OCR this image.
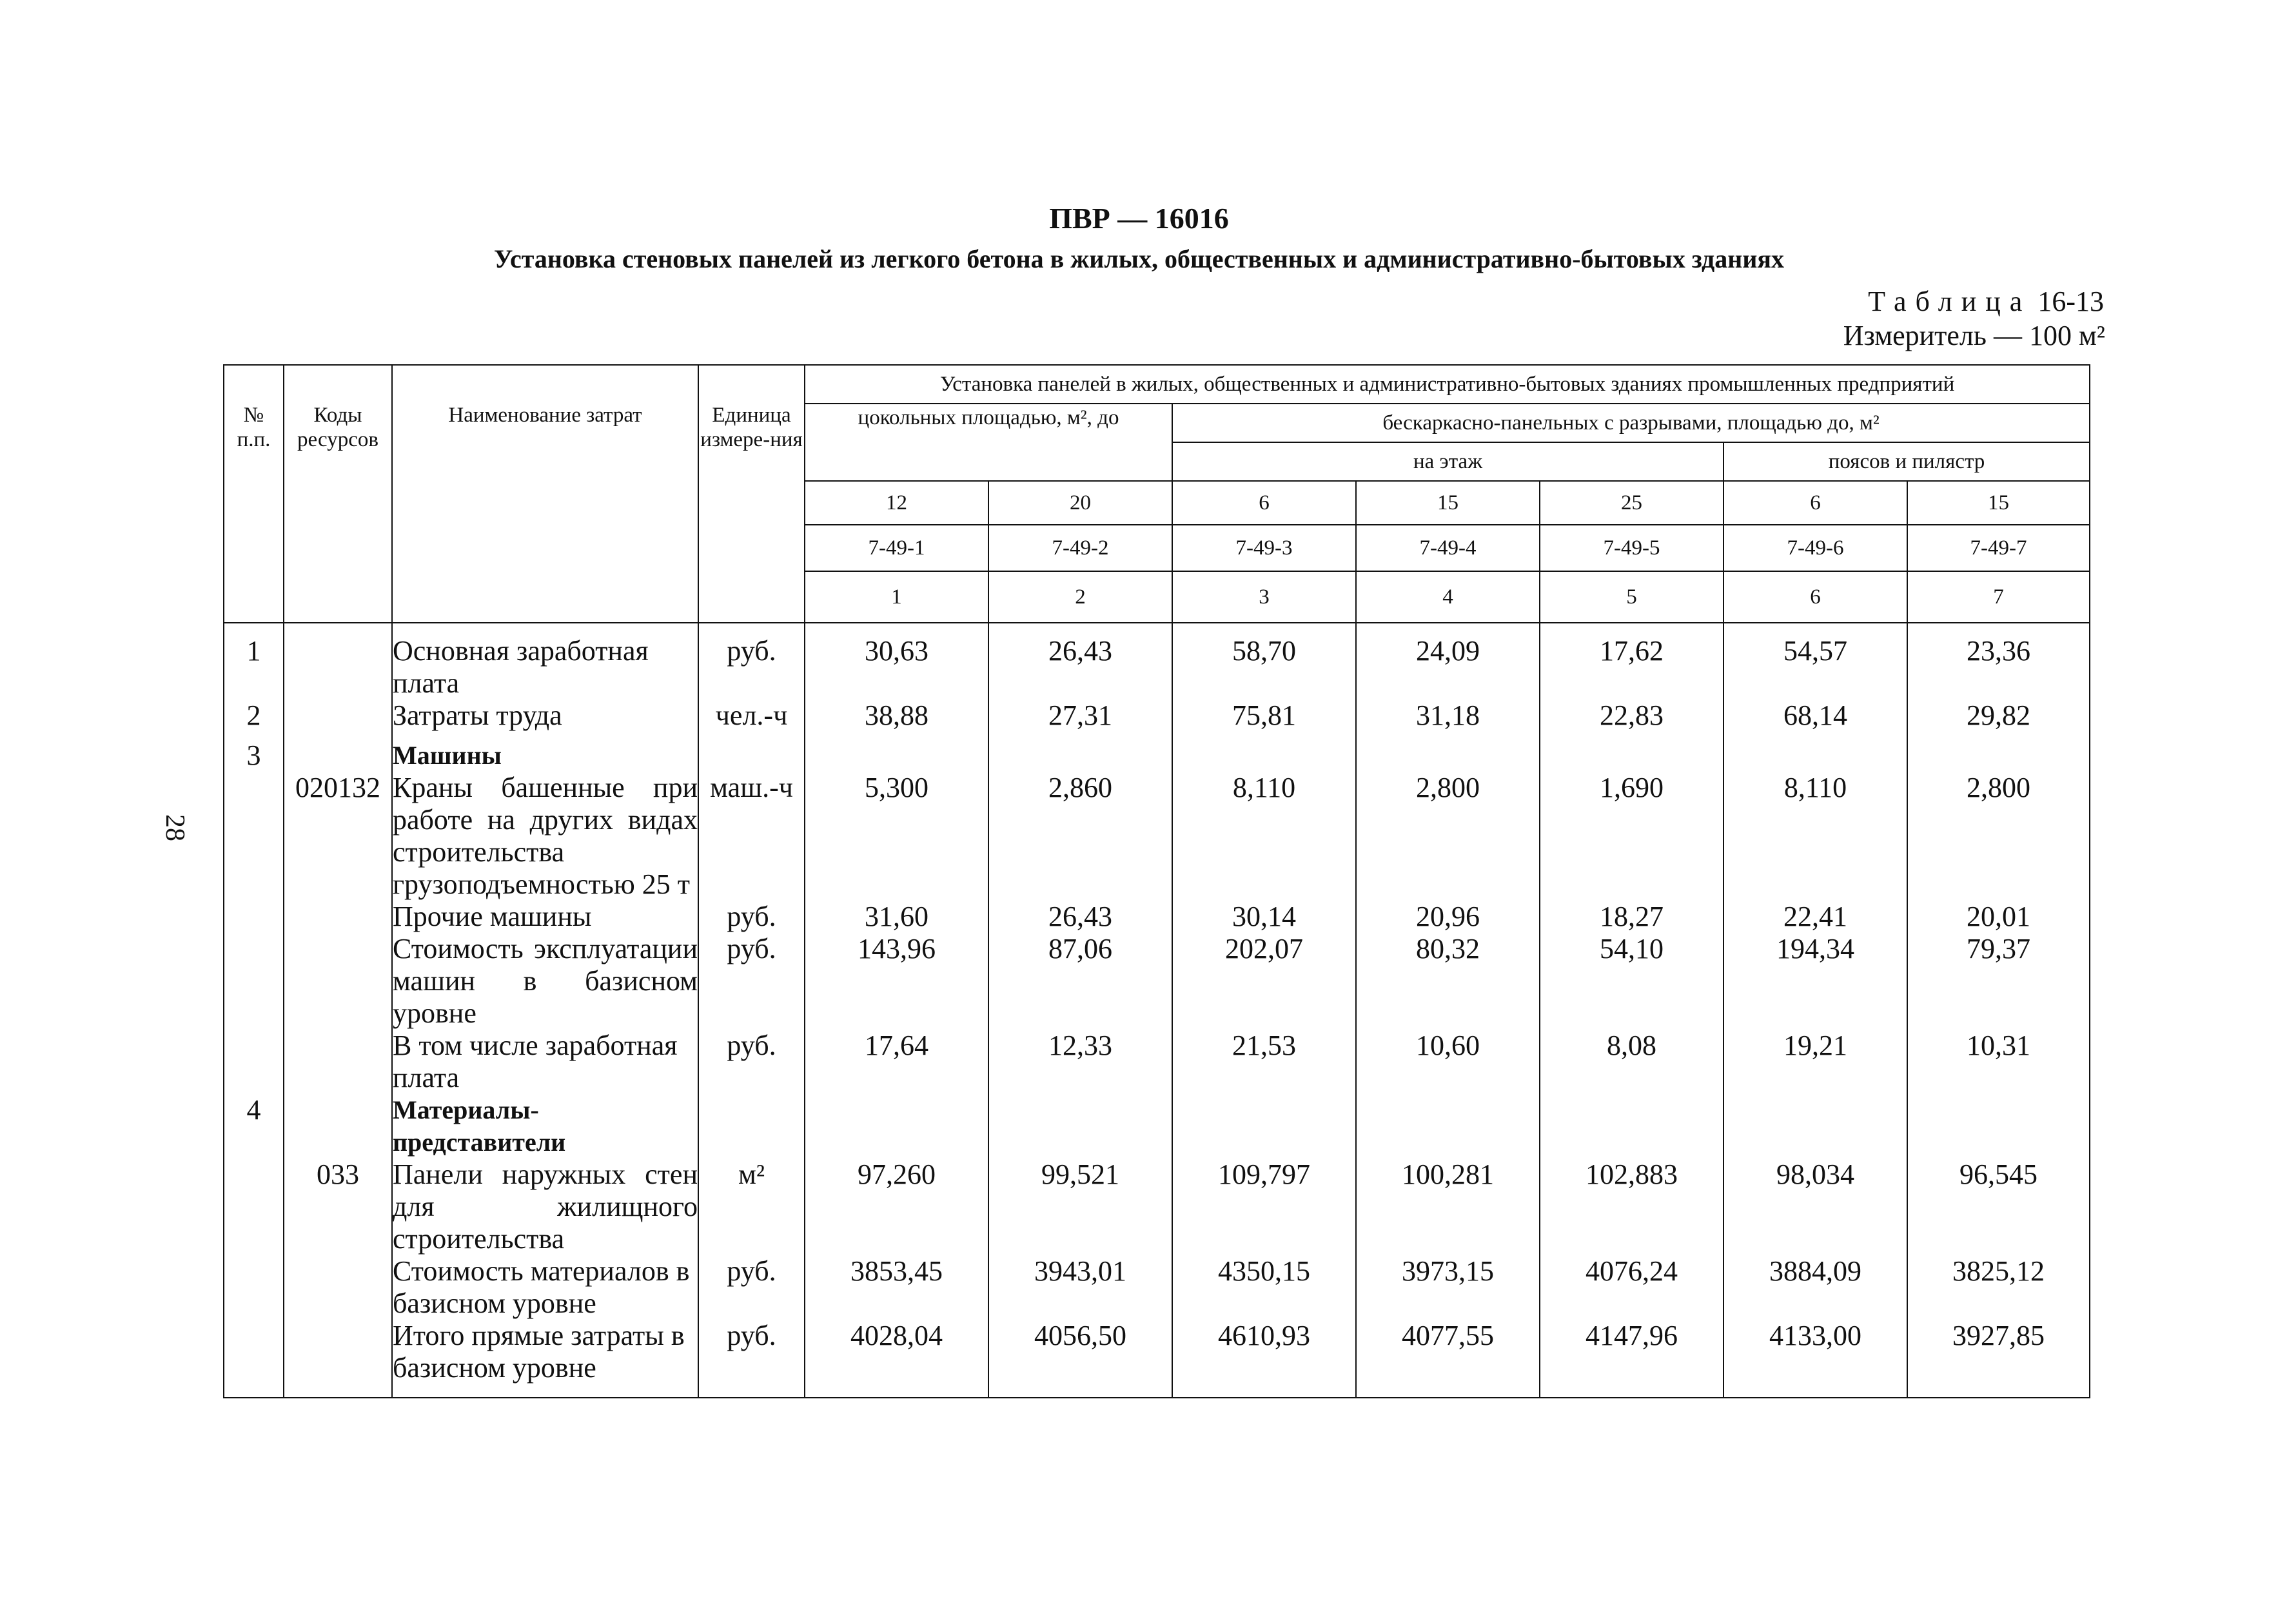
28
ПВР — 16016
Установка стеновых панелей из легкого бетона в жилых, общественных и административно-бытовых зданиях
Таблица 16-13
Измеритель — 100 м²
№ п.п.	Коды ресурсов	Наименование затрат	Единица измере-ния	Установка панелей в жилых, общественных и административно-бытовых зданиях промышленных предприятий						
				цокольных площадью, м², до		бескаркасно-панельных с разрывами, площадью до, м²				
						на этаж			поясов и пилястр	
				12	20	6	15	25	6	15
				7-49-1	7-49-2	7-49-3	7-49-4	7-49-5	7-49-6	7-49-7
				1	2	3	4	5	6	7
1		Основная заработная плата	руб.	30,63	26,43	58,70	24,09	17,62	54,57	23,36
2		Затраты труда	чел.-ч	38,88	27,31	75,81	31,18	22,83	68,14	29,82
3		Машины								
	020132	Краны башенные при работе на других видах строительства грузоподъемностью 25 т	маш.-ч	5,300	2,860	8,110	2,800	1,690	8,110	2,800
		Прочие машины	руб.	31,60	26,43	30,14	20,96	18,27	22,41	20,01
		Стоимость эксплуатации машин в базисном уровне	руб.	143,96	87,06	202,07	80,32	54,10	194,34	79,37
		В том числе заработная плата	руб.	17,64	12,33	21,53	10,60	8,08	19,21	10,31
4		Материалы-представители								
	033	Панели наружных стен для жилищного строительства	м²	97,260	99,521	109,797	100,281	102,883	98,034	96,545
		Стоимость материалов в базисном уровне	руб.	3853,45	3943,01	4350,15	3973,15	4076,24	3884,09	3825,12
		Итого прямые затраты в базисном уровне	руб.	4028,04	4056,50	4610,93	4077,55	4147,96	4133,00	3927,85
